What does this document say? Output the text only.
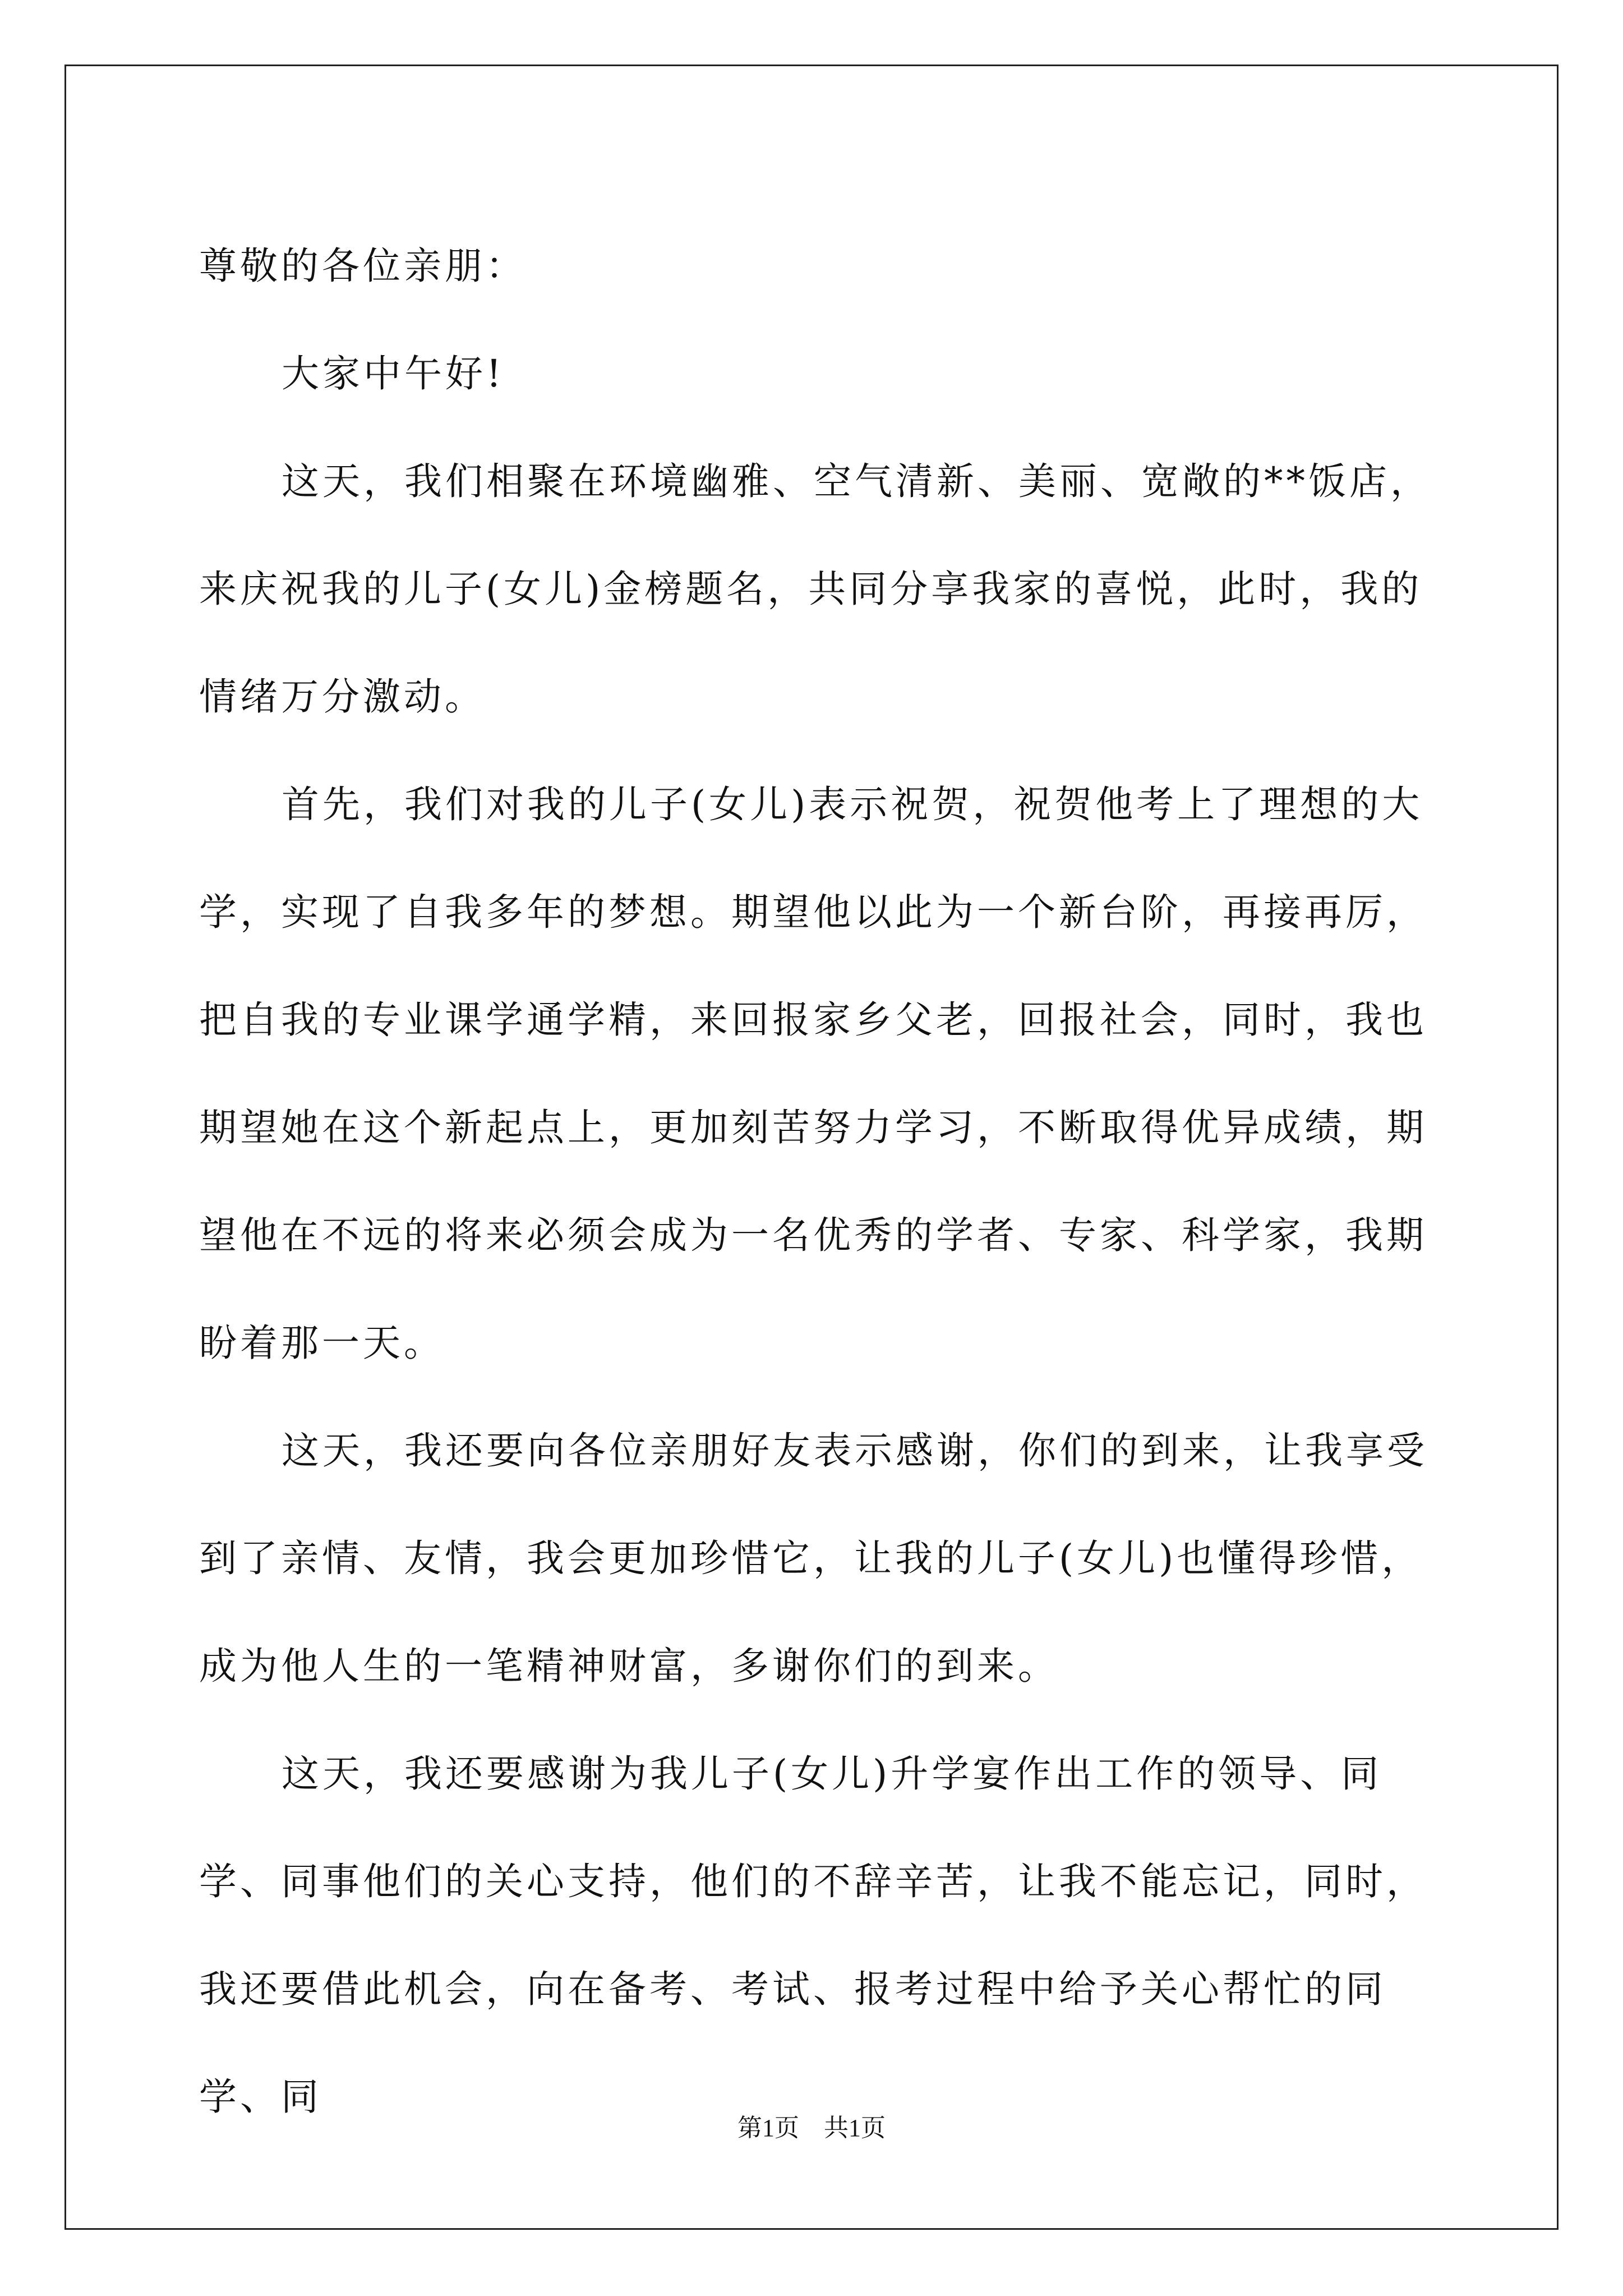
尊敬的各位亲朋：

大家中午好!

这天，我们相聚在环境幽雅、空气清新、美丽、宽敞的**饭店，来庆祝我的儿子(女儿)金榜题名，共同分享我家的喜悦，此时，我的情绪万分激动。

首先，我们对我的儿子(女儿)表示祝贺，祝贺他考上了理想的大学，实现了自我多年的梦想。期望他以此为一个新台阶，再接再厉，把自我的专业课学通学精，来回报家乡父老，回报社会，同时，我也期望她在这个新起点上，更加刻苦努力学习，不断取得优异成绩，期望他在不远的将来必须会成为一名优秀的学者、专家、科学家，我期盼着那一天。

这天，我还要向各位亲朋好友表示感谢，你们的到来，让我享受到了亲情、友情，我会更加珍惜它，让我的儿子(女儿)也懂得珍惜，成为他人生的一笔精神财富，多谢你们的到来。

这天，我还要感谢为我儿子(女儿)升学宴作出工作的领导、同学、同事他们的关心支持，他们的不辞辛苦，让我不能忘记，同时，我还要借此机会，向在备考、考试、报考过程中给予关心帮忙的同学、同

第1页　共1页
